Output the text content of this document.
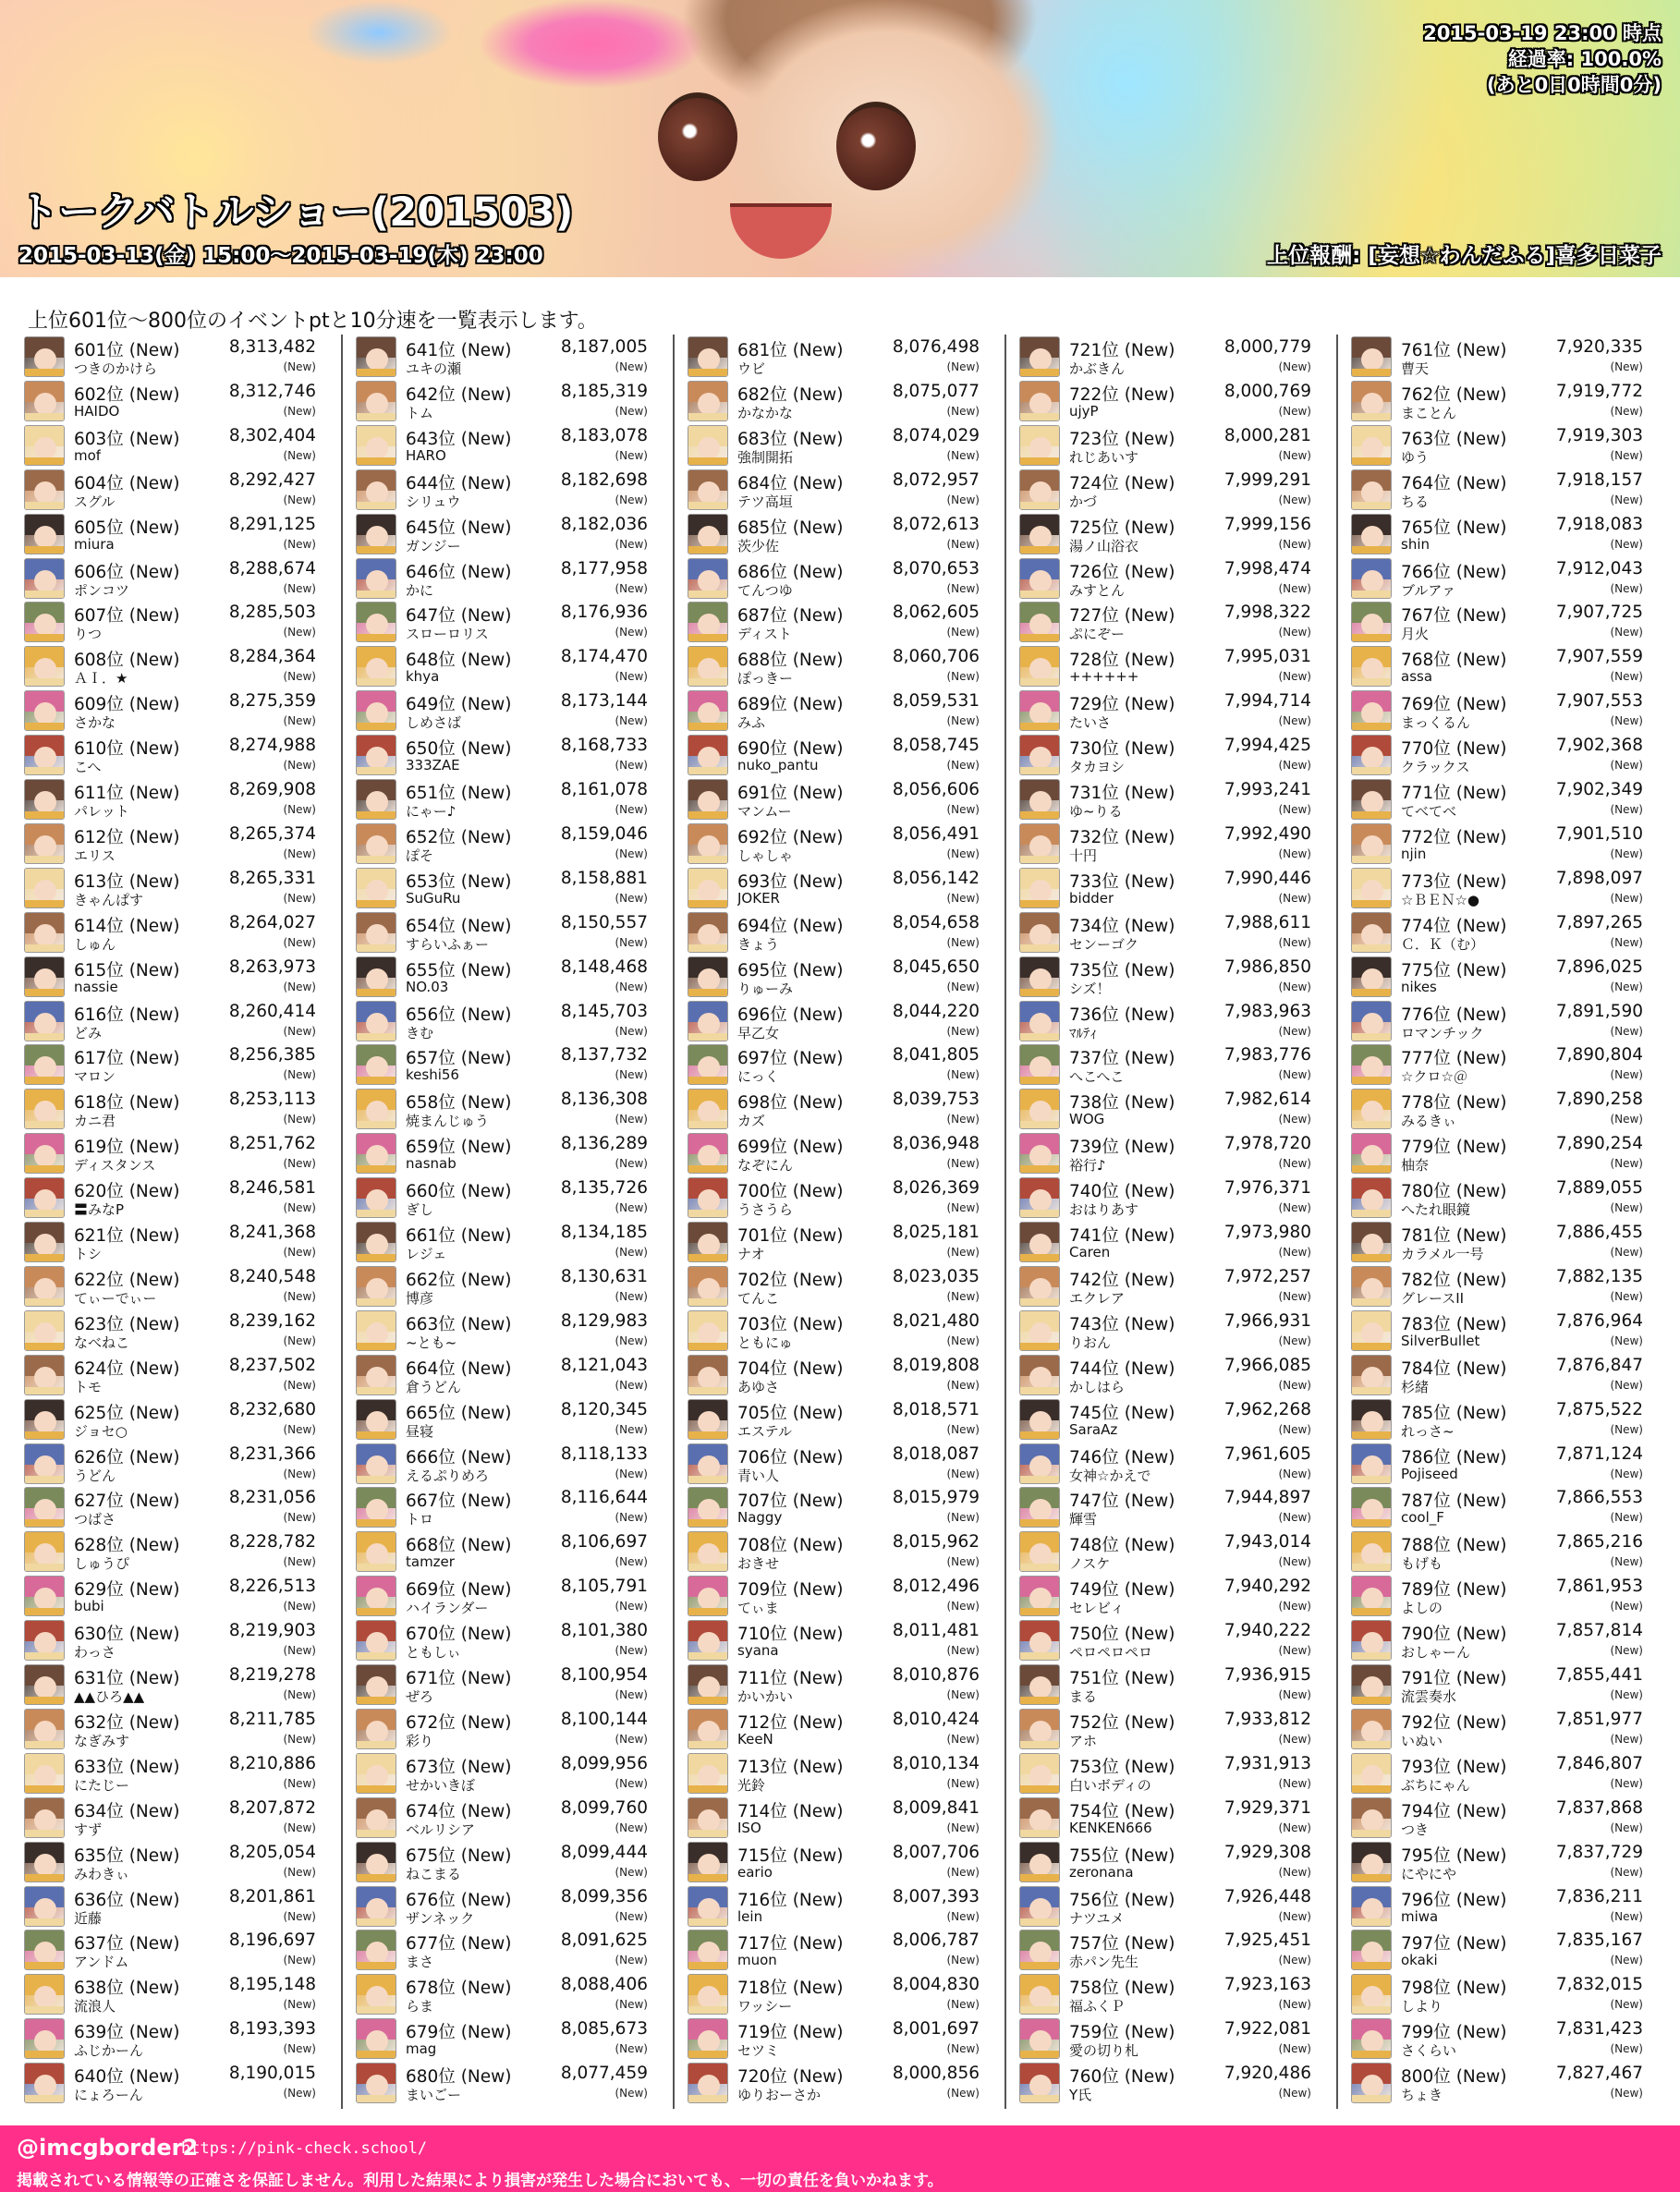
2015-03-19 23:00 時点
経過率: 100.0%
(あと0日0時間0分)
トークバトルショー(201503)
2015-03-13(金) 15:00～2015-03-19(木) 23:00	上位報酬: [妄想☆わんだふる]喜多日菜子
上位601位～800位のイベントptと10分速を一覧表示します。
601位 (New)	8,313,482
つきのかけら	(New)
602位 (New)	8,312,746
HAIDO	(New)
603位 (New)	8,302,404
mof	(New)
604位 (New)	8,292,427
スグル	(New)
605位 (New)	8,291,125
miura	(New)
606位 (New)	8,288,674
ポンコツ	(New)
607位 (New)	8,285,503
りつ	(New)
608位 (New)	8,284,364
ＡＩ．★	(New)
609位 (New)	8,275,359
さかな	(New)
610位 (New)	8,274,988
こへ	(New)
611位 (New)	8,269,908
パレット	(New)
612位 (New)	8,265,374
エリス	(New)
613位 (New)	8,265,331
きゃんぱす	(New)
614位 (New)	8,264,027
しゅん	(New)
615位 (New)	8,263,973
nassie	(New)
616位 (New)	8,260,414
どみ	(New)
617位 (New)	8,256,385
マロン	(New)
618位 (New)	8,253,113
カニ君	(New)
619位 (New)	8,251,762
ディスタンス	(New)
620位 (New)	8,246,581
〓みなP	(New)
621位 (New)	8,241,368
トシ	(New)
622位 (New)	8,240,548
てぃーでぃー	(New)
623位 (New)	8,239,162
なべねこ	(New)
624位 (New)	8,237,502
トモ	(New)
625位 (New)	8,232,680
ジョセ○	(New)
626位 (New)	8,231,366
うどん	(New)
627位 (New)	8,231,056
つばさ	(New)
628位 (New)	8,228,782
しゅうぴ	(New)
629位 (New)	8,226,513
bubi	(New)
630位 (New)	8,219,903
わっさ	(New)
631位 (New)	8,219,278
▲▲ひろ▲▲	(New)
632位 (New)	8,211,785
なぎみす	(New)
633位 (New)	8,210,886
にたじー	(New)
634位 (New)	8,207,872
すず	(New)
635位 (New)	8,205,054
みわきぃ	(New)
636位 (New)	8,201,861
近藤	(New)
637位 (New)	8,196,697
アンドム	(New)
638位 (New)	8,195,148
流浪人	(New)
639位 (New)	8,193,393
ふじかーん	(New)
640位 (New)	8,190,015
にょろーん	(New)
641位 (New)	8,187,005
ユキの瀬	(New)
642位 (New)	8,185,319
トム	(New)
643位 (New)	8,183,078
HARO	(New)
644位 (New)	8,182,698
シリュウ	(New)
645位 (New)	8,182,036
ガンジー	(New)
646位 (New)	8,177,958
かに	(New)
647位 (New)	8,176,936
スローロリス	(New)
648位 (New)	8,174,470
khya	(New)
649位 (New)	8,173,144
しめさば	(New)
650位 (New)	8,168,733
333ZAE	(New)
651位 (New)	8,161,078
にゃー♪	(New)
652位 (New)	8,159,046
ぽそ	(New)
653位 (New)	8,158,881
SuGuRu	(New)
654位 (New)	8,150,557
すらいふぁー	(New)
655位 (New)	8,148,468
NO.03	(New)
656位 (New)	8,145,703
きむ	(New)
657位 (New)	8,137,732
keshi56	(New)
658位 (New)	8,136,308
焼まんじゅう	(New)
659位 (New)	8,136,289
nasnab	(New)
660位 (New)	8,135,726
ぎし	(New)
661位 (New)	8,134,185
レジェ	(New)
662位 (New)	8,130,631
博彦	(New)
663位 (New)	8,129,983
~とも~	(New)
664位 (New)	8,121,043
倉うどん	(New)
665位 (New)	8,120,345
昼寝	(New)
666位 (New)	8,118,133
えるぷりめろ	(New)
667位 (New)	8,116,644
トロ	(New)
668位 (New)	8,106,697
tamzer	(New)
669位 (New)	8,105,791
ハイランダー	(New)
670位 (New)	8,101,380
ともしぃ	(New)
671位 (New)	8,100,954
ぜろ	(New)
672位 (New)	8,100,144
彩り	(New)
673位 (New)	8,099,956
せかいきぼ	(New)
674位 (New)	8,099,760
ベルリシア	(New)
675位 (New)	8,099,444
ねこまる	(New)
676位 (New)	8,099,356
ザンネック	(New)
677位 (New)	8,091,625
まさ	(New)
678位 (New)	8,088,406
らま	(New)
679位 (New)	8,085,673
mag	(New)
680位 (New)	8,077,459
まいごー	(New)
681位 (New)	8,076,498
ウビ	(New)
682位 (New)	8,075,077
かなかな	(New)
683位 (New)	8,074,029
強制開拓	(New)
684位 (New)	8,072,957
テツ高垣	(New)
685位 (New)	8,072,613
茨少佐	(New)
686位 (New)	8,070,653
てんつゆ	(New)
687位 (New)	8,062,605
ディスト	(New)
688位 (New)	8,060,706
ぽっきー	(New)
689位 (New)	8,059,531
みふ	(New)
690位 (New)	8,058,745
nuko_pantu	(New)
691位 (New)	8,056,606
マンムー	(New)
692位 (New)	8,056,491
しゃしゃ	(New)
693位 (New)	8,056,142
JOKER	(New)
694位 (New)	8,054,658
きょう	(New)
695位 (New)	8,045,650
りゅーみ	(New)
696位 (New)	8,044,220
早乙女	(New)
697位 (New)	8,041,805
にっく	(New)
698位 (New)	8,039,753
カズ	(New)
699位 (New)	8,036,948
なぞにん	(New)
700位 (New)	8,026,369
うさうら	(New)
701位 (New)	8,025,181
ナオ	(New)
702位 (New)	8,023,035
てんこ	(New)
703位 (New)	8,021,480
ともにゅ	(New)
704位 (New)	8,019,808
あゆさ	(New)
705位 (New)	8,018,571
エステル	(New)
706位 (New)	8,018,087
青い人	(New)
707位 (New)	8,015,979
Naggy	(New)
708位 (New)	8,015,962
おきせ	(New)
709位 (New)	8,012,496
てぃま	(New)
710位 (New)	8,011,481
syana	(New)
711位 (New)	8,010,876
かいかい	(New)
712位 (New)	8,010,424
KeeN	(New)
713位 (New)	8,010,134
光鈴	(New)
714位 (New)	8,009,841
ISO	(New)
715位 (New)	8,007,706
eario	(New)
716位 (New)	8,007,393
lein	(New)
717位 (New)	8,006,787
muon	(New)
718位 (New)	8,004,830
ワッシー	(New)
719位 (New)	8,001,697
セツミ	(New)
720位 (New)	8,000,856
ゆりおーさか	(New)
721位 (New)	8,000,779
かぶきん	(New)
722位 (New)	8,000,769
ujyP	(New)
723位 (New)	8,000,281
れじあいす	(New)
724位 (New)	7,999,291
かづ	(New)
725位 (New)	7,999,156
湯ノ山浴衣	(New)
726位 (New)	7,998,474
みすとん	(New)
727位 (New)	7,998,322
ぷにぞー	(New)
728位 (New)	7,995,031
++++++	(New)
729位 (New)	7,994,714
たいさ	(New)
730位 (New)	7,994,425
タカヨシ	(New)
731位 (New)	7,993,241
ゆ~りる	(New)
732位 (New)	7,992,490
十円	(New)
733位 (New)	7,990,446
bidder	(New)
734位 (New)	7,988,611
センーゴク	(New)
735位 (New)	7,986,850
シズ！	(New)
736位 (New)	7,983,963
ﾏﾙﾃｨ	(New)
737位 (New)	7,983,776
へこへこ	(New)
738位 (New)	7,982,614
WOG	(New)
739位 (New)	7,978,720
裕行♪	(New)
740位 (New)	7,976,371
おはりあす	(New)
741位 (New)	7,973,980
Caren	(New)
742位 (New)	7,972,257
エクレア	(New)
743位 (New)	7,966,931
りおん	(New)
744位 (New)	7,966,085
かしはら	(New)
745位 (New)	7,962,268
SaraAz	(New)
746位 (New)	7,961,605
女神☆かえで	(New)
747位 (New)	7,944,897
輝雪	(New)
748位 (New)	7,943,014
ノスケ	(New)
749位 (New)	7,940,292
セレビィ	(New)
750位 (New)	7,940,222
ペロペロペロ	(New)
751位 (New)	7,936,915
まる	(New)
752位 (New)	7,933,812
アホ	(New)
753位 (New)	7,931,913
白いボディの	(New)
754位 (New)	7,929,371
KENKEN666	(New)
755位 (New)	7,929,308
zeronana	(New)
756位 (New)	7,926,448
ナツユメ	(New)
757位 (New)	7,925,451
赤パン先生	(New)
758位 (New)	7,923,163
福ふくＰ	(New)
759位 (New)	7,922,081
愛の切り札	(New)
760位 (New)	7,920,486
Y氏	(New)
761位 (New)	7,920,335
曹天	(New)
762位 (New)	7,919,772
まことん	(New)
763位 (New)	7,919,303
ゆう	(New)
764位 (New)	7,918,157
ちる	(New)
765位 (New)	7,918,083
shin	(New)
766位 (New)	7,912,043
ブルアァ	(New)
767位 (New)	7,907,725
月火	(New)
768位 (New)	7,907,559
assa	(New)
769位 (New)	7,907,553
まっくるん	(New)
770位 (New)	7,902,368
クラックス	(New)
771位 (New)	7,902,349
てべてべ	(New)
772位 (New)	7,901,510
njin	(New)
773位 (New)	7,898,097
☆ＢＥＮ☆●	(New)
774位 (New)	7,897,265
Ｃ．Ｋ（む）	(New)
775位 (New)	7,896,025
nikes	(New)
776位 (New)	7,891,590
ロマンチック	(New)
777位 (New)	7,890,804
☆クロ☆＠	(New)
778位 (New)	7,890,258
みるきぃ	(New)
779位 (New)	7,890,254
柚奈	(New)
780位 (New)	7,889,055
へたれ眼鏡	(New)
781位 (New)	7,886,455
カラメル一号	(New)
782位 (New)	7,882,135
グレースII	(New)
783位 (New)	7,876,964
SilverBullet	(New)
784位 (New)	7,876,847
杉緒	(New)
785位 (New)	7,875,522
れっさ~	(New)
786位 (New)	7,871,124
Pojiseed	(New)
787位 (New)	7,866,553
cool_F	(New)
788位 (New)	7,865,216
もげも	(New)
789位 (New)	7,861,953
よしの	(New)
790位 (New)	7,857,814
おしゃーん	(New)
791位 (New)	7,855,441
流雲奏水	(New)
792位 (New)	7,851,977
いぬい	(New)
793位 (New)	7,846,807
ぶちにゃん	(New)
794位 (New)	7,837,868
つき	(New)
795位 (New)	7,837,729
にやにや	(New)
796位 (New)	7,836,211
miwa	(New)
797位 (New)	7,835,167
okaki	(New)
798位 (New)	7,832,015
しより	(New)
799位 (New)	7,831,423
さくらい	(New)
800位 (New)	7,827,467
ちょき	(New)
@imcgborder2
https://pink-check.school/
掲載されている情報等の正確さを保証しません。利用した結果により損害が発生した場合においても、一切の責任を負いかねます。
